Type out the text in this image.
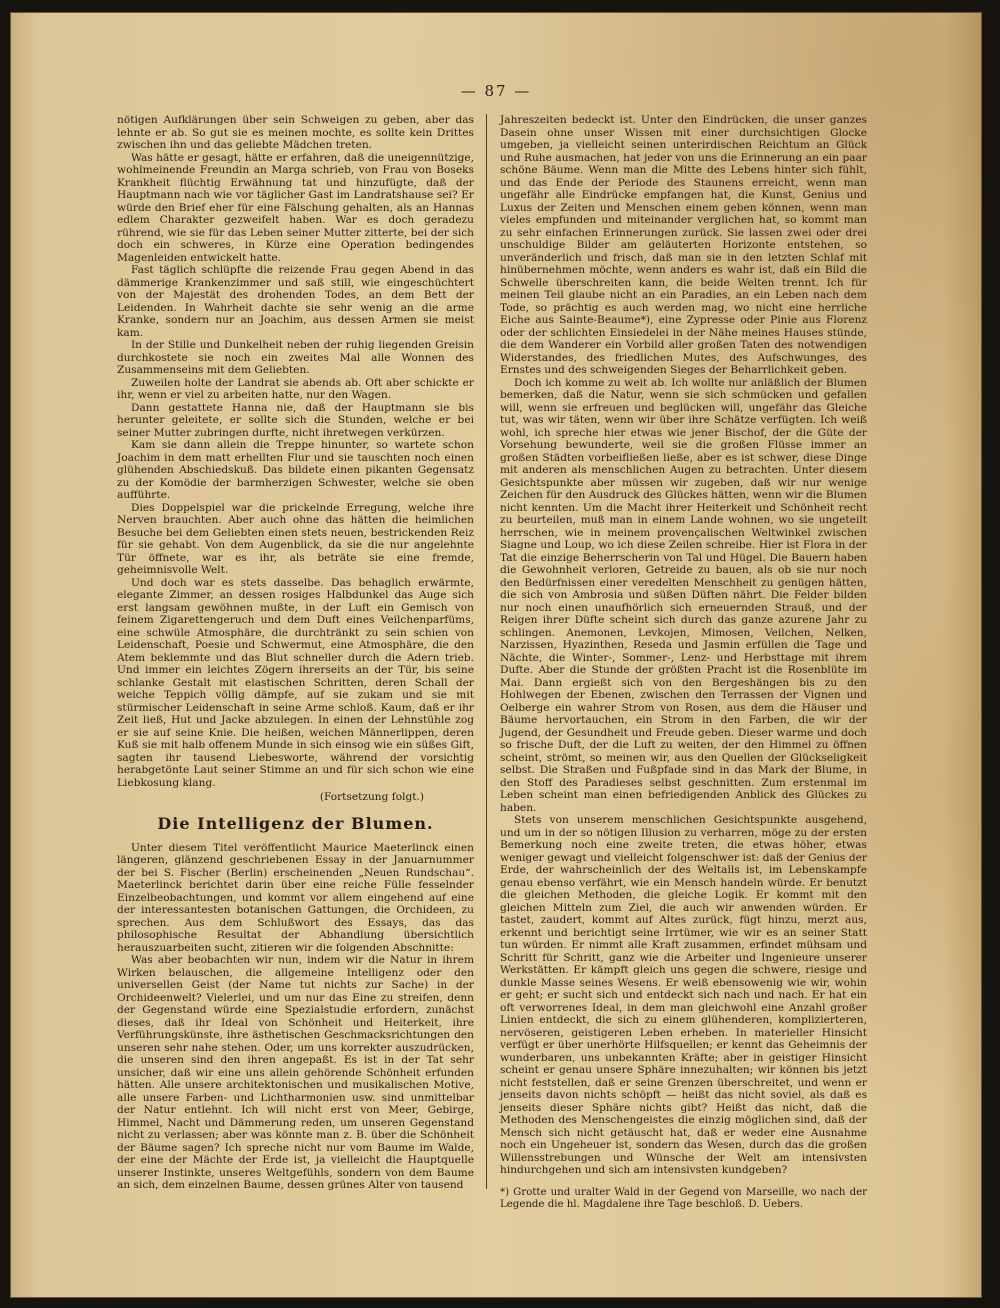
— 87 —

nötigen Aufklärungen über sein Schweigen zu geben, aber das lehnte er ab. So gut sie es meinen mochte, es sollte kein Drittes zwischen ihn und das geliebte Mädchen treten.

Was hätte er gesagt, hätte er erfahren, daß die uneigennützige, wohlmeinende Freundin an Marga schrieb, von Frau von Boseks Krankheit flüchtig Erwähnung tat und hinzufügte, daß der Hauptmann nach wie vor täglicher Gast im Landratshause sei? Er würde den Brief eher für eine Fälschung gehalten, als an Hannas edlem Charakter gezweifelt haben. War es doch geradezu rührend, wie sie für das Leben seiner Mutter zitterte, bei der sich doch ein schweres, in Kürze eine Operation bedingendes Magenleiden entwickelt hatte.

Fast täglich schlüpfte die reizende Frau gegen Abend in das dämmerige Krankenzimmer und saß still, wie eingeschüchtert von der Majestät des drohenden Todes, an dem Bett der Leidenden. In Wahrheit dachte sie sehr wenig an die arme Kranke, sondern nur an Joachim, aus dessen Armen sie meist kam.

In der Stille und Dunkelheit neben der ruhig liegenden Greisin durchkostete sie noch ein zweites Mal alle Wonnen des Zusammenseins mit dem Geliebten.

Zuweilen holte der Landrat sie abends ab. Oft aber schickte er ihr, wenn er viel zu arbeiten hatte, nur den Wagen.

Dann gestattete Hanna nie, daß der Hauptmann sie bis herunter geleitete, er sollte sich die Stunden, welche er bei seiner Mutter zubringen durfte, nicht ihretwegen verkürzen.

Kam sie dann allein die Treppe hinunter, so wartete schon Joachim in dem matt erhellten Flur und sie tauschten noch einen glühenden Abschiedskuß. Das bildete einen pikanten Gegensatz zu der Komödie der barmherzigen Schwester, welche sie oben aufführte.

Dies Doppelspiel war die prickelnde Erregung, welche ihre Nerven brauchten. Aber auch ohne das hätten die heimlichen Besuche bei dem Geliebten einen stets neuen, bestrickenden Reiz für sie gehabt. Von dem Augenblick, da sie die nur angelehnte Tür öffnete, war es ihr, als beträte sie eine fremde, geheimnisvolle Welt.

Und doch war es stets dasselbe. Das behaglich erwärmte, elegante Zimmer, an dessen rosiges Halbdunkel das Auge sich erst langsam gewöhnen mußte, in der Luft ein Gemisch von feinem Zigarettengeruch und dem Duft eines Veilchenparfüms, eine schwüle Atmosphäre, die durchtränkt zu sein schien von Leidenschaft, Poesie und Schwermut, eine Atmosphäre, die den Atem beklemmte und das Blut schneller durch die Adern trieb. Und immer ein leichtes Zögern ihrerseits an der Tür, bis seine schlanke Gestalt mit elastischen Schritten, deren Schall der weiche Teppich völlig dämpfe, auf sie zukam und sie mit stürmischer Leidenschaft in seine Arme schloß. Kaum, daß er ihr Zeit ließ, Hut und Jacke abzulegen. In einen der Lehnstühle zog er sie auf seine Knie. Die heißen, weichen Männerlippen, deren Kuß sie mit halb offenem Munde in sich einsog wie ein süßes Gift, sagten ihr tausend Liebesworte, während der vorsichtig herabgetönte Laut seiner Stimme an und für sich schon wie eine Liebkosung klang.

(Fortsetzung folgt.)
Die Intelligenz der Blumen.

Unter diesem Titel veröffentlicht Maurice Maeterlinck einen längeren, glänzend geschriebenen Essay in der Januarnummer der bei S. Fischer (Berlin) erscheinenden „Neuen Rundschau“. Maeterlinck berichtet darin über eine reiche Fülle fesselnder Einzelbeobachtungen, und kommt vor allem eingehend auf eine der interessantesten botanischen Gattungen, die Orchideen, zu sprechen. Aus dem Schlußwort des Essays, das das philosophische Resultat der Abhandlung übersichtlich herauszuarbeiten sucht, zitieren wir die folgenden Abschnitte:

Was aber beobachten wir nun, indem wir die Natur in ihrem Wirken belauschen, die allgemeine Intelligenz oder den universellen Geist (der Name tut nichts zur Sache) in der Orchideenwelt? Vielerlei, und um nur das Eine zu streifen, denn der Gegenstand würde eine Spezialstudie erfordern, zunächst dieses, daß ihr Ideal von Schönheit und Heiterkeit, ihre Verführungskünste, ihre ästhetischen Geschmacksrichtungen den unseren sehr nahe stehen. Oder, um uns korrekter auszudrücken, die unseren sind den ihren angepaßt. Es ist in der Tat sehr unsicher, daß wir eine uns allein gehörende Schönheit erfunden hätten. Alle unsere architektonischen und musikalischen Motive, alle unsere Farben- und Lichtharmonien usw. sind unmittelbar der Natur entlehnt. Ich will nicht erst von Meer, Gebirge, Himmel, Nacht und Dämmerung reden, um unseren Gegenstand nicht zu verlassen; aber was könnte man z. B. über die Schönheit der Bäume sagen? Ich spreche nicht nur vom Baume im Walde, der eine der Mächte der Erde ist, ja vielleicht die Hauptquelle unserer Instinkte, unseres Weltgefühls, sondern von dem Baume an sich, dem einzelnen Baume, dessen grünes Alter von tausend

Jahreszeiten bedeckt ist. Unter den Eindrücken, die unser ganzes Dasein ohne unser Wissen mit einer durchsichtigen Glocke umgeben, ja vielleicht seinen unterirdischen Reichtum an Glück und Ruhe ausmachen, hat jeder von uns die Erinnerung an ein paar schöne Bäume. Wenn man die Mitte des Lebens hinter sich fühlt, und das Ende der Periode des Staunens erreicht, wenn man ungefähr alle Eindrücke empfangen hat, die Kunst, Genius und Luxus der Zeiten und Menschen einem geben können, wenn man vieles empfunden und miteinander verglichen hat, so kommt man zu sehr einfachen Erinnerungen zurück. Sie lassen zwei oder drei unschuldige Bilder am geläuterten Horizonte entstehen, so unveränderlich und frisch, daß man sie in den letzten Schlaf mit hinübernehmen möchte, wenn anders es wahr ist, daß ein Bild die Schwelle überschreiten kann, die beide Welten trennt. Ich für meinen Teil glaube nicht an ein Paradies, an ein Leben nach dem Tode, so prächtig es auch werden mag, wo nicht eine herrliche Eiche aus Sainte-Beaume*), eine Zypresse oder Pinie aus Florenz oder der schlichten Einsiedelei in der Nähe meines Hauses stünde, die dem Wanderer ein Vorbild aller großen Taten des notwendigen Widerstandes, des friedlichen Mutes, des Aufschwunges, des Ernstes und des schweigenden Sieges der Beharrlichkeit geben.

Doch ich komme zu weit ab. Ich wollte nur anläßlich der Blumen bemerken, daß die Natur, wenn sie sich schmücken und gefallen will, wenn sie erfreuen und beglücken will, ungefähr das Gleiche tut, was wir täten, wenn wir über ihre Schätze verfügten. Ich weiß wohl, ich spreche hier etwas wie jener Bischof, der die Güte der Vorsehung bewunderte, weil sie die großen Flüsse immer an großen Städten vorbeifließen ließe, aber es ist schwer, diese Dinge mit anderen als menschlichen Augen zu betrachten. Unter diesem Gesichtspunkte aber müssen wir zugeben, daß wir nur wenige Zeichen für den Ausdruck des Glückes hätten, wenn wir die Blumen nicht kennten. Um die Macht ihrer Heiterkeit und Schönheit recht zu beurteilen, muß man in einem Lande wohnen, wo sie ungeteilt herrschen, wie in meinem provençalischen Weltwinkel zwischen Siagne und Loup, wo ich diese Zeilen schreibe. Hier ist Flora in der Tat die einzige Beherrscherin von Tal und Hügel. Die Bauern haben die Gewohnheit verloren, Getreide zu bauen, als ob sie nur noch den Bedürfnissen einer veredelten Menschheit zu genügen hätten, die sich von Ambrosia und süßen Düften nährt. Die Felder bilden nur noch einen unaufhörlich sich erneuernden Strauß, und der Reigen ihrer Düfte scheint sich durch das ganze azurene Jahr zu schlingen. Anemonen, Levkojen, Mimosen, Veilchen, Nelken, Narzissen, Hyazinthen, Reseda und Jasmin erfüllen die Tage und Nächte, die Winter-, Sommer-, Lenz- und Herbsttage mit ihrem Dufte. Aber die Stunde der größten Pracht ist die Rosenblüte im Mai. Dann ergießt sich von den Bergeshängen bis zu den Hohlwegen der Ebenen, zwischen den Terrassen der Vignen und Oelberge ein wahrer Strom von Rosen, aus dem die Häuser und Bäume hervortauchen, ein Strom in den Farben, die wir der Jugend, der Gesundheit und Freude geben. Dieser warme und doch so frische Duft, der die Luft zu weiten, der den Himmel zu öffnen scheint, strömt, so meinen wir, aus den Quellen der Glückseligkeit selbst. Die Straßen und Fußpfade sind in das Mark der Blume, in den Stoff des Paradieses selbst geschnitten. Zum erstenmal im Leben scheint man einen befriedigenden Anblick des Glückes zu haben.

Stets von unserem menschlichen Gesichtspunkte ausgehend, und um in der so nötigen Illusion zu verharren, möge zu der ersten Bemerkung noch eine zweite treten, die etwas höher, etwas weniger gewagt und vielleicht folgenschwer ist: daß der Genius der Erde, der wahrscheinlich der des Weltalls ist, im Lebenskampfe genau ebenso verfährt, wie ein Mensch handeln würde. Er benutzt die gleichen Methoden, die gleiche Logik. Er kommt mit den gleichen Mitteln zum Ziel, die auch wir anwenden würden. Er tastet, zaudert, kommt auf Altes zurück, fügt hinzu, merzt aus, erkennt und berichtigt seine Irrtümer, wie wir es an seiner Statt tun würden. Er nimmt alle Kraft zusammen, erfindet mühsam und Schritt für Schritt, ganz wie die Arbeiter und Ingenieure unserer Werkstätten. Er kämpft gleich uns gegen die schwere, riesige und dunkle Masse seines Wesens. Er weiß ebensowenig wie wir, wohin er geht; er sucht sich und entdeckt sich nach und nach. Er hat ein oft verworrenes Ideal, in dem man gleichwohl eine Anzahl großer Linien entdeckt, die sich zu einem glühenderen, komplizierteren, nervöseren, geistigeren Leben erheben. In materieller Hinsicht verfügt er über unerhörte Hilfsquellen; er kennt das Geheimnis der wunderbaren, uns unbekannten Kräfte; aber in geistiger Hinsicht scheint er genau unsere Sphäre innezuhalten; wir können bis jetzt nicht feststellen, daß er seine Grenzen überschreitet, und wenn er jenseits davon nichts schöpft — heißt das nicht soviel, als daß es jenseits dieser Sphäre nichts gibt? Heißt das nicht, daß die Methoden des Menschengeistes die einzig möglichen sind, daß der Mensch sich nicht getäuscht hat, daß er weder eine Ausnahme noch ein Ungeheuer ist, sondern das Wesen, durch das die großen Willensstrebungen und Wünsche der Welt am intensivsten hindurchgehen und sich am intensivsten kundgeben?

*) Grotte und uralter Wald in der Gegend von Marseille, wo nach der Legende die hl. Magdalene ihre Tage beschloß. D. Uebers.
